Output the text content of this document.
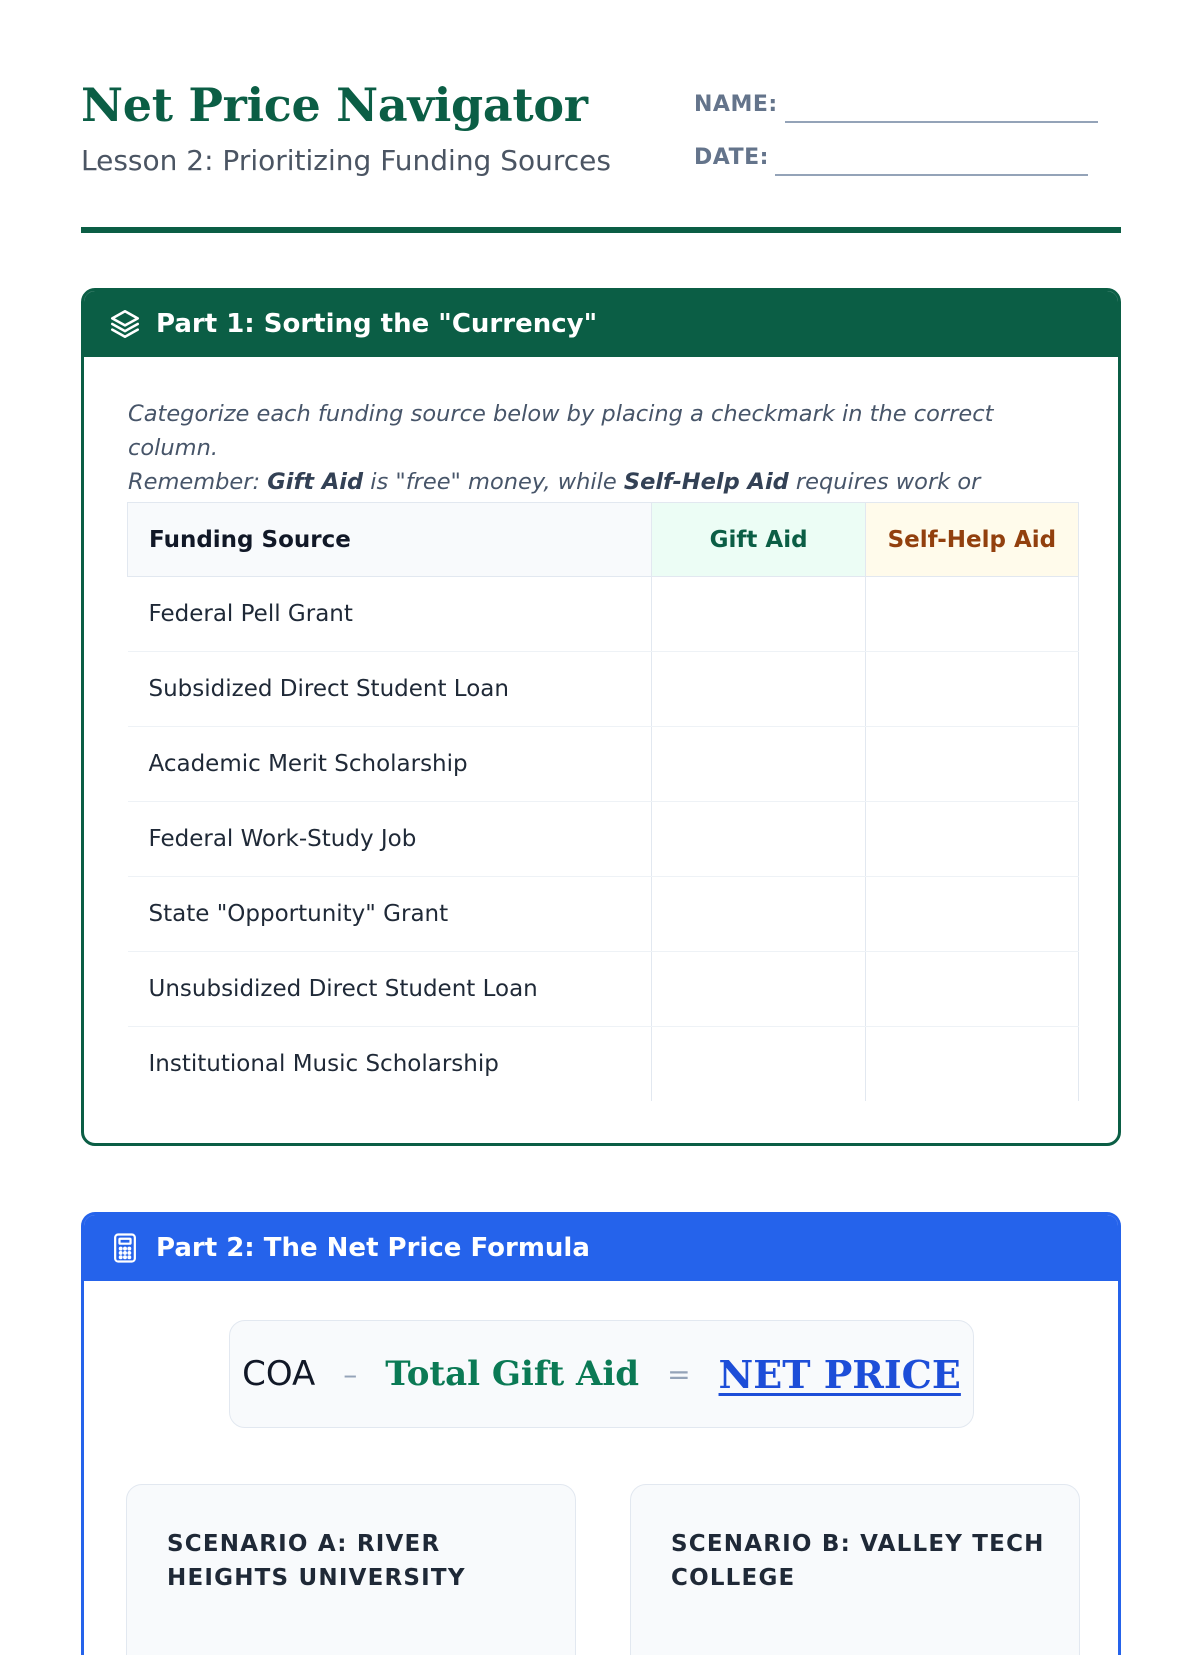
Net Price Navigator
Lesson 2: Prioritizing Funding Sources
NAME:
DATE:
Part 1: Sorting the "Currency"
Categorize each funding source below by placing a checkmark in the correct column.
Remember: Gift Aid is "free" money, while Self-Help Aid requires work or
Funding Source	Gift Aid	Self-Help Aid
Federal Pell Grant		
Subsidized Direct Student Loan		
Academic Merit Scholarship		
Federal Work-Study Job		
State "Opportunity" Grant		
Unsubsidized Direct Student Loan		
Institutional Music Scholarship		
Part 2: The Net Price Formula
COA – Total Gift Aid = NET PRICE
SCENARIO A: RIVER HEIGHTS UNIVERSITY
SCENARIO B: VALLEY TECH COLLEGE
